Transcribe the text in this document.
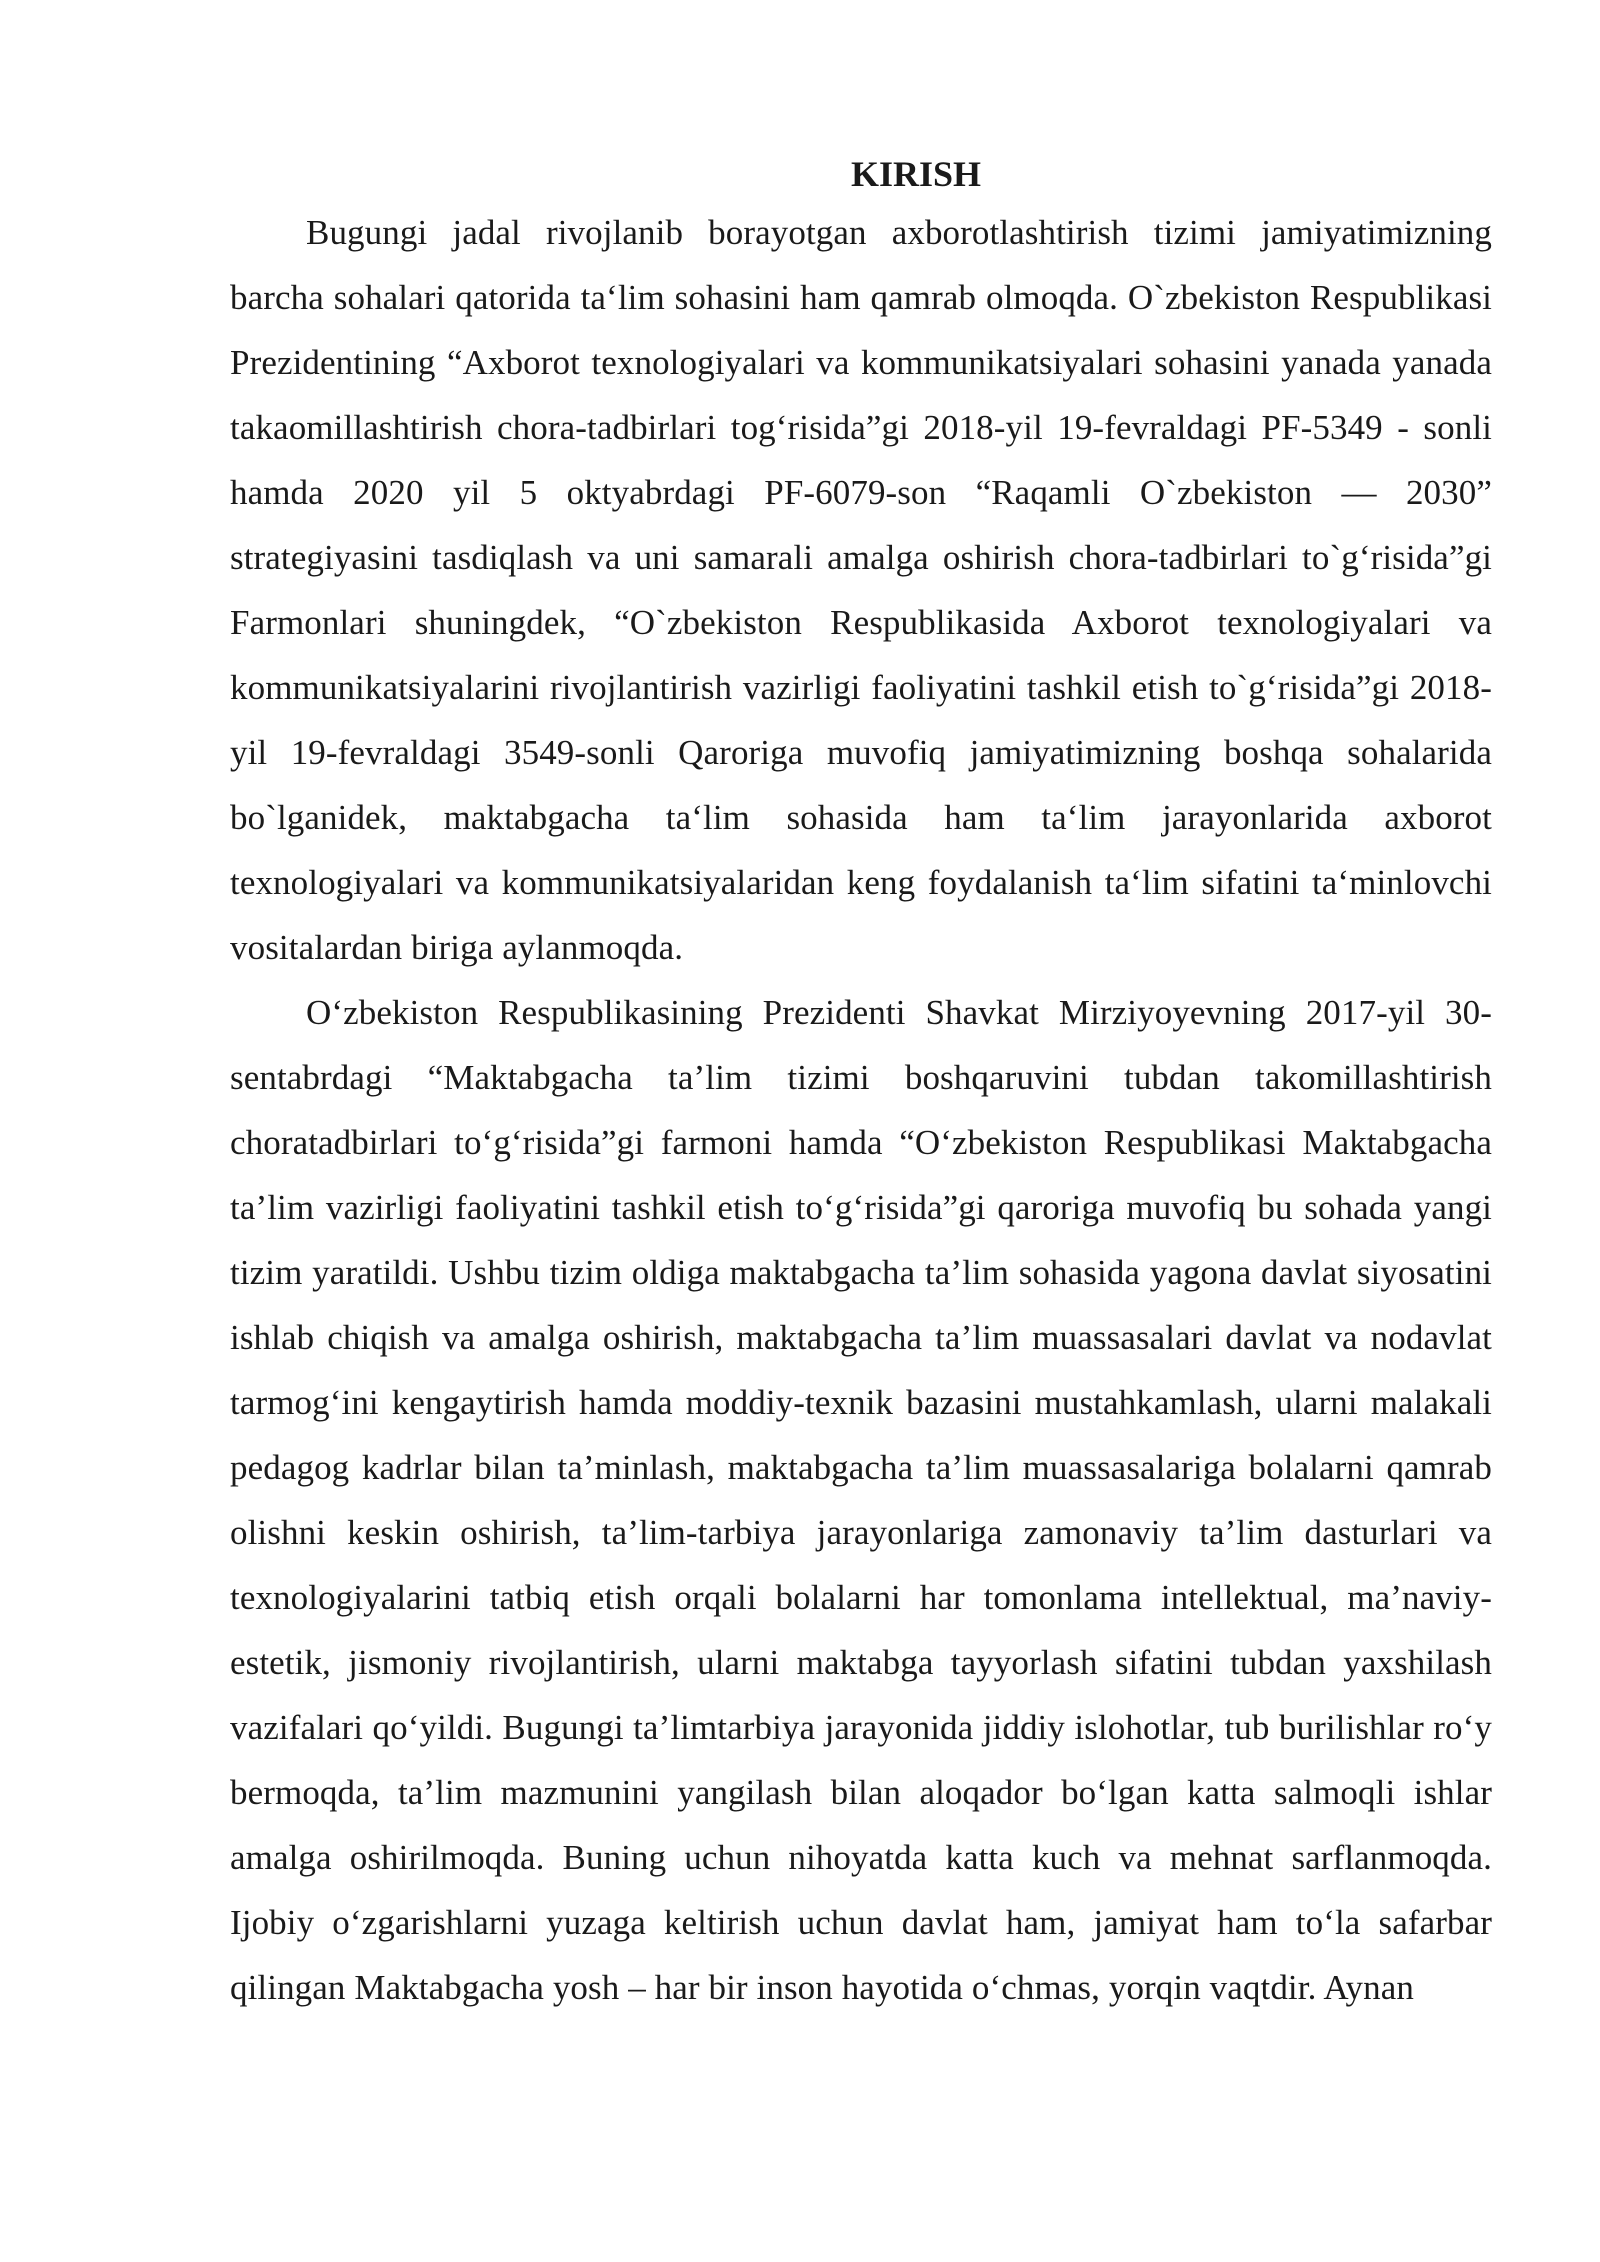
KIRISH

Bugungi jadal rivojlanib borayotgan axborotlashtirish tizimi jamiyatimizning barcha sohalari qatorida ta‘lim sohasini ham qamrab olmoqda. O`zbekiston Respublikasi Prezidentining “Axborot texnologiyalari va kommunikatsiyalari sohasini yanada yanada takaomillashtirish chora-tadbirlari tog‘risida”gi 2018-yil 19-fevraldagi PF-5349 - sonli hamda 2020 yil 5 oktyabrdagi PF-6079-son “Raqamli O`zbekiston — 2030” strategiyasini tasdiqlash va uni samarali amalga oshirish chora-tadbirlari to`g‘risida”gi Farmonlari shuningdek, “O`zbekiston Respublikasida Axborot texnologiyalari va kommunikatsiyalarini rivojlantirish vazirligi faoliyatini tashkil etish to`g‘risida”gi 2018-yil 19-fevraldagi 3549-sonli Qaroriga muvofiq jamiyatimizning boshqa sohalarida bo`lganidek, maktabgacha ta‘lim sohasida ham ta‘lim jarayonlarida axborot texnologiyalari va kommunikatsiyalaridan keng foydalanish ta‘lim sifatini ta‘minlovchi vositalardan biriga aylanmoqda.

O‘zbekiston Respublikasining Prezidenti Shavkat Mirziyoyevning 2017-yil 30- sentabrdagi “Maktabgacha ta’lim tizimi boshqaruvini tubdan takomillashtirish choratadbirlari to‘g‘risida”gi farmoni hamda “O‘zbekiston Respublikasi Maktabgacha ta’lim vazirligi faoliyatini tashkil etish to‘g‘risida”gi qaroriga muvofiq bu sohada yangi tizim yaratildi. Ushbu tizim oldiga maktabgacha ta’lim sohasida yagona davlat siyosatini ishlab chiqish va amalga oshirish, maktabgacha ta’lim muassasalari davlat va nodavlat tarmog‘ini kengaytirish hamda moddiy-texnik bazasini mustahkamlash, ularni malakali pedagog kadrlar bilan ta’minlash, maktabgacha ta’lim muassasalariga bolalarni qamrab olishni keskin oshirish, ta’lim-tarbiya jarayonlariga zamonaviy ta’lim dasturlari va texnologiyalarini tatbiq etish orqali bolalarni har tomonlama intellektual, ma’naviy-estetik, jismoniy rivojlantirish, ularni maktabga tayyorlash sifatini tubdan yaxshilash vazifalari qo‘yildi. Bugungi ta’limtarbiya jarayonida jiddiy islohotlar, tub burilishlar ro‘y bermoqda, ta’lim mazmunini yangilash bilan aloqador bo‘lgan katta salmoqli ishlar amalga oshirilmoqda. Buning uchun nihoyatda katta kuch va mehnat sarflanmoqda. Ijobiy o‘zgarishlarni yuzaga keltirish uchun davlat ham, jamiyat ham to‘la safarbar qilingan Maktabgacha yosh – har bir inson hayotida o‘chmas, yorqin vaqtdir. Aynan
